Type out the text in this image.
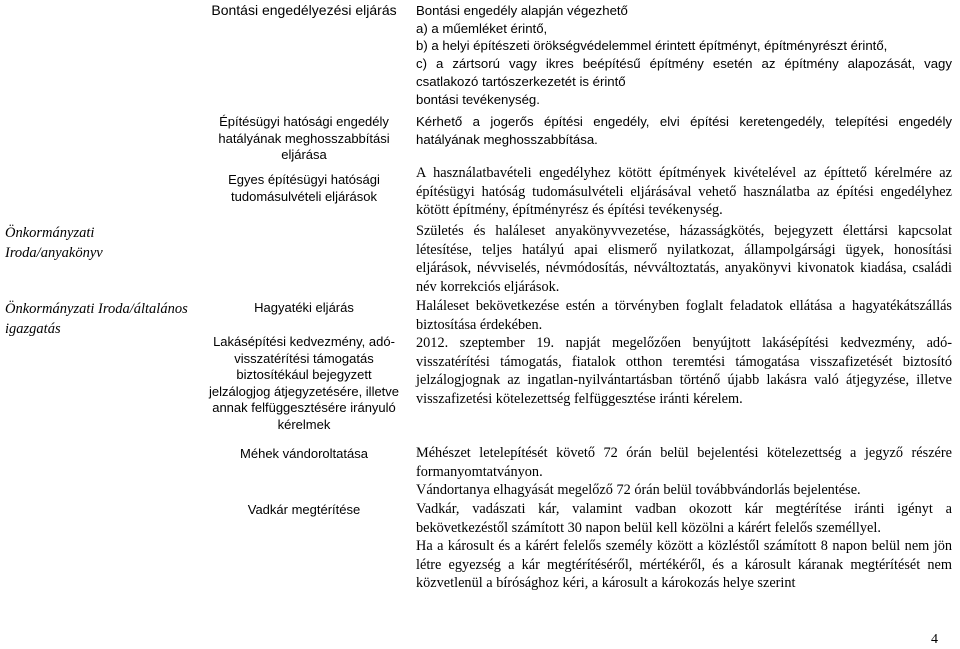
Önkormányzati Iroda/anyakönyv
Önkormányzati Iroda/általános igazgatás
Bontási engedélyezési eljárás
Építésügyi hatósági engedély hatályának meghosszabbítási eljárása
Egyes építésügyi hatósági tudomásulvételi eljárások
Hagyatéki eljárás
Lakásépítési kedvezmény, adó- visszatérítési támogatás biztosítékául bejegyzett jelzálogjog átjegyzetésére, illetve annak felfüggesztésére irányuló kérelmek
Méhek vándoroltatása
Vadkár megtérítése
Bontási engedély alapján végezhető
a) a műemléket érintő,
b) a helyi építészeti örökségvédelemmel érintett építményt, építményrészt érintő,
c) a zártsorú vagy ikres beépítésű építmény esetén az építmény alapozását, vagy csatlakozó tartószerkezetét is érintő
bontási tevékenység.
Kérhető a jogerős építési engedély, elvi építési keretengedély, telepítési engedély hatályának meghosszabbítása.
A használatbavételi engedélyhez kötött építmények kivételével az építtető kérelmére az építésügyi hatóság tudomásulvételi eljárásával vehető használatba az építési engedélyhez kötött építmény, építményrész és építési tevékenység.
Születés és haláleset anyakönyvvezetése, házasságkötés, bejegyzett élettársi kapcsolat létesítése, teljes hatályú apai elismerő nyilatkozat, állampolgársági ügyek, honosítási eljárások, névviselés, névmódosítás, névváltoztatás, anyakönyvi kivonatok kiadása, családi név korrekciós eljárások.
Haláleset bekövetkezése estén a törvényben foglalt feladatok ellátása a hagyatékátszállás biztosítása érdekében.
2012. szeptember 19. napját megelőzően benyújtott lakásépítési kedvezmény, adó-visszatérítési támogatás, fiatalok otthon teremtési támogatása visszafizetését biztosító jelzálogjognak az ingatlan-nyilvántartásban történő újabb lakásra való átjegyzése, illetve visszafizetési kötelezettség felfüggesztése iránti kérelem.
Méhészet letelepítését követő 72 órán belül bejelentési kötelezettség a jegyző részére formanyomtatványon.
Vándortanya elhagyását megelőző 72 órán belül továbbvándorlás bejelentése.
Vadkár, vadászati kár, valamint vadban okozott kár megtérítése iránti igényt a bekövetkezéstől számított 30 napon belül kell közölni a kárért felelős személlyel.
Ha a károsult és a kárért felelős személy között a közléstől számított 8 napon belül nem jön létre egyezség a kár megtérítéséről, mértékéről, és a károsult káranak megtérítését nem közvetlenül a bírósághoz kéri, a károsult a károkozás helye szerint
4
